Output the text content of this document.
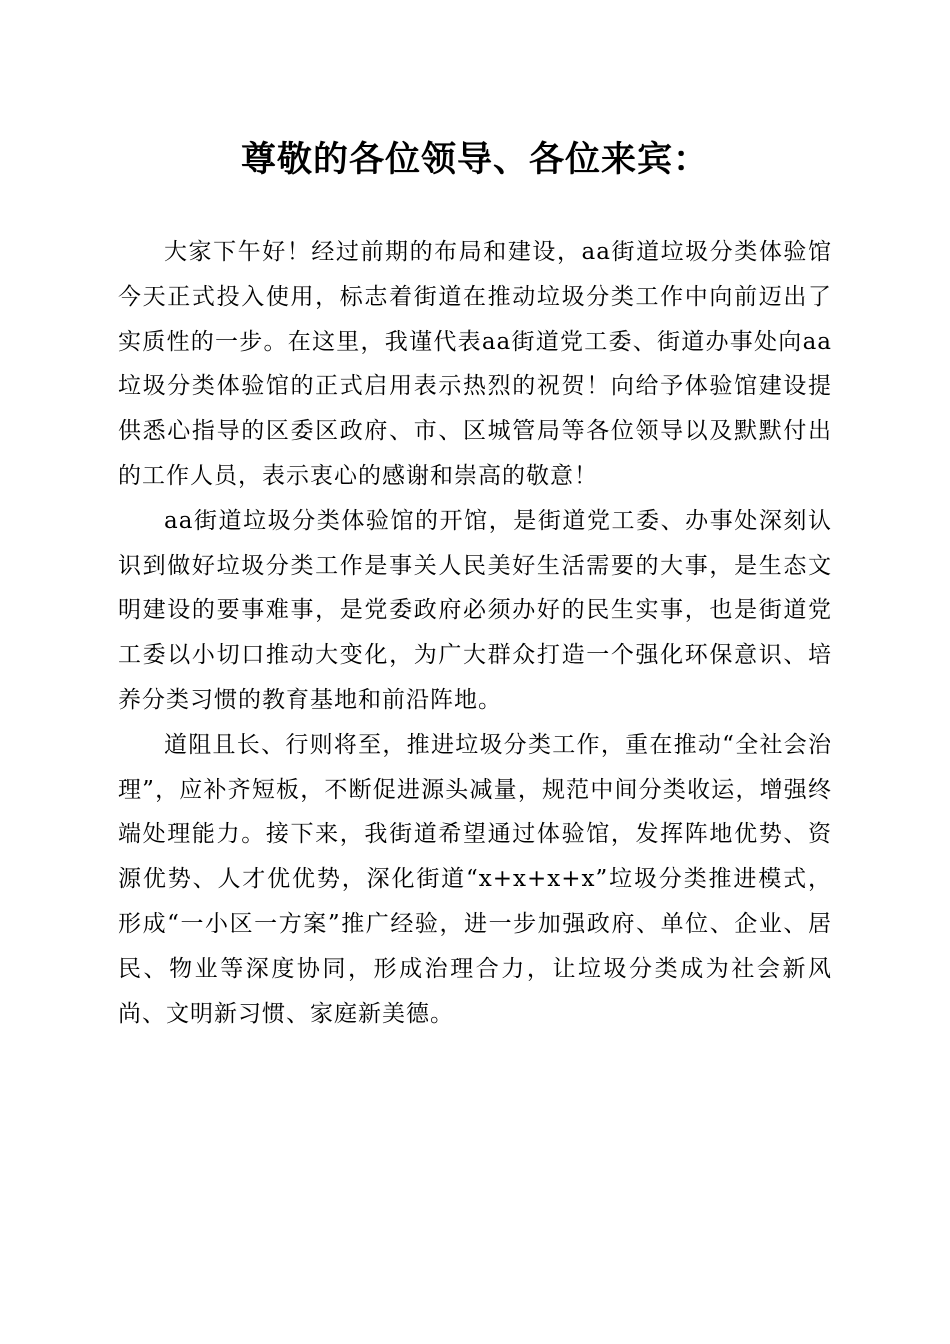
尊敬的各位领导、各位来宾：

大家下午好！经过前期的布局和建设，aa街道垃圾分类体验馆今天正式投入使用，标志着街道在推动垃圾分类工作中向前迈出了实质性的一步。在这里，我谨代表aa街道党工委、街道办事处向aa垃圾分类体验馆的正式启用表示热烈的祝贺！向给予体验馆建设提供悉心指导的区委区政府、市、区城管局等各位领导以及默默付出的工作人员，表示衷心的感谢和崇高的敬意！

aa街道垃圾分类体验馆的开馆，是街道党工委、办事处深刻认识到做好垃圾分类工作是事关人民美好生活需要的大事，是生态文明建设的要事难事，是党委政府必须办好的民生实事，也是街道党工委以小切口推动大变化，为广大群众打造一个强化环保意识、培养分类习惯的教育基地和前沿阵地。

道阻且长、行则将至，推进垃圾分类工作，重在推动“全社会治理”，应补齐短板，不断促进源头减量，规范中间分类收运，增强终端处理能力。接下来，我街道希望通过体验馆，发挥阵地优势、资源优势、人才优优势，深化街道“x+x+x+x”垃圾分类推进模式，形成“一小区一方案”推广经验，进一步加强政府、单位、企业、居民、物业等深度协同，形成治理合力，让垃圾分类成为社会新风尚、文明新习惯、家庭新美德。
